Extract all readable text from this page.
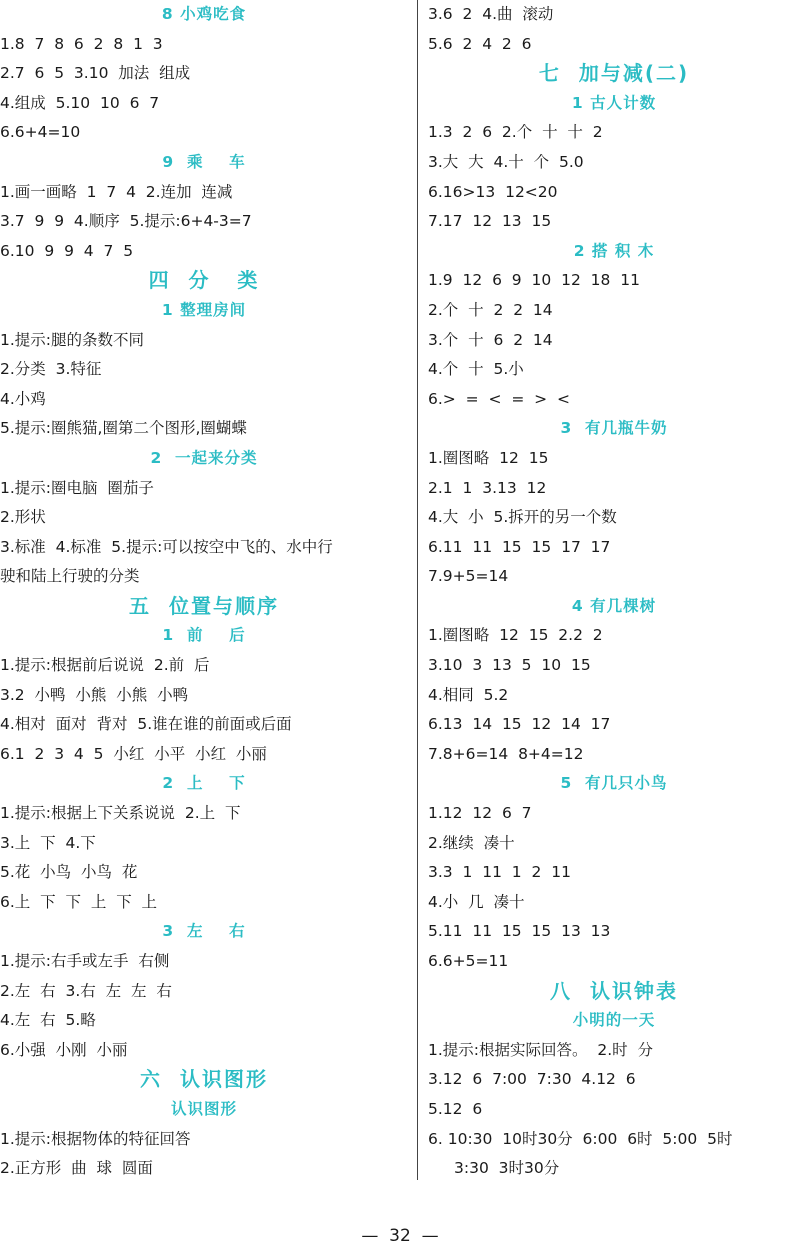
8 小鸡吃食
1.8  7  8  6  2  8  1  3
2.7  6  5  3.10  加法  组成
4.组成  5.10  10  6  7
6.6+4=10
9  乘    车
1.画一画略  1  7  4  2.连加  连减
3.7  9  9  4.顺序  5.提示:6+4-3=7
6.10  9  9  4  7  5
四  分   类
1 整理房间
1.提示:腿的条数不同
2.分类  3.特征
4.小鸡
5.提示:圈熊猫,圈第二个图形,圈蝴蝶
2  一起来分类
1.提示:圈电脑  圈茄子
2.形状
3.标准  4.标准  5.提示:可以按空中飞的、水中行
驶和陆上行驶的分类
五  位置与顺序
1  前    后
1.提示:根据前后说说  2.前  后
3.2  小鸭  小熊  小熊  小鸭
4.相对  面对  背对  5.谁在谁的前面或后面
6.1  2  3  4  5  小红  小平  小红  小丽
2  上    下
1.提示:根据上下关系说说  2.上  下
3.上  下  4.下
5.花  小鸟  小鸟  花
6.上  下  下  上  下  上
3  左    右
1.提示:右手或左手  右侧
2.左  右  3.右  左  左  右
4.左  右  5.略
6.小强  小刚  小丽
六  认识图形
认识图形
1.提示:根据物体的特征回答
2.正方形  曲  球  圆面
3.6  2  4.曲  滚动
5.6  2  4  2  6
七  加与减(二)
1 古人计数
1.3  2  6  2.个  十  十  2
3.大  大  4.十  个  5.0
6.16>13  12<20
7.17  12  13  15
2 搭 积 木
1.9  12  6  9  10  12  18  11
2.个  十  2  2  14
3.个  十  6  2  14
4.个  十  5.小
6.>  =  <  =  >  <
3  有几瓶牛奶
1.圈图略  12  15
2.1  1  3.13  12
4.大  小  5.拆开的另一个数
6.11  11  15  15  17  17
7.9+5=14
4 有几棵树
1.圈图略  12  15  2.2  2
3.10  3  13  5  10  15
4.相同  5.2
6.13  14  15  12  14  17
7.8+6=14  8+4=12
5  有几只小鸟
1.12  12  6  7
2.继续  凑十
3.3  1  11  1  2  11
4.小  几  凑十
5.11  11  15  15  13  13
6.6+5=11
八  认识钟表
小明的一天
1.提示:根据实际回答。  2.时  分
3.12  6  7:00  7:30  4.12  6
5.12  6
6. 10:30  10时30分  6:00  6时  5:00  5时
3:30  3时30分
—  32  —
